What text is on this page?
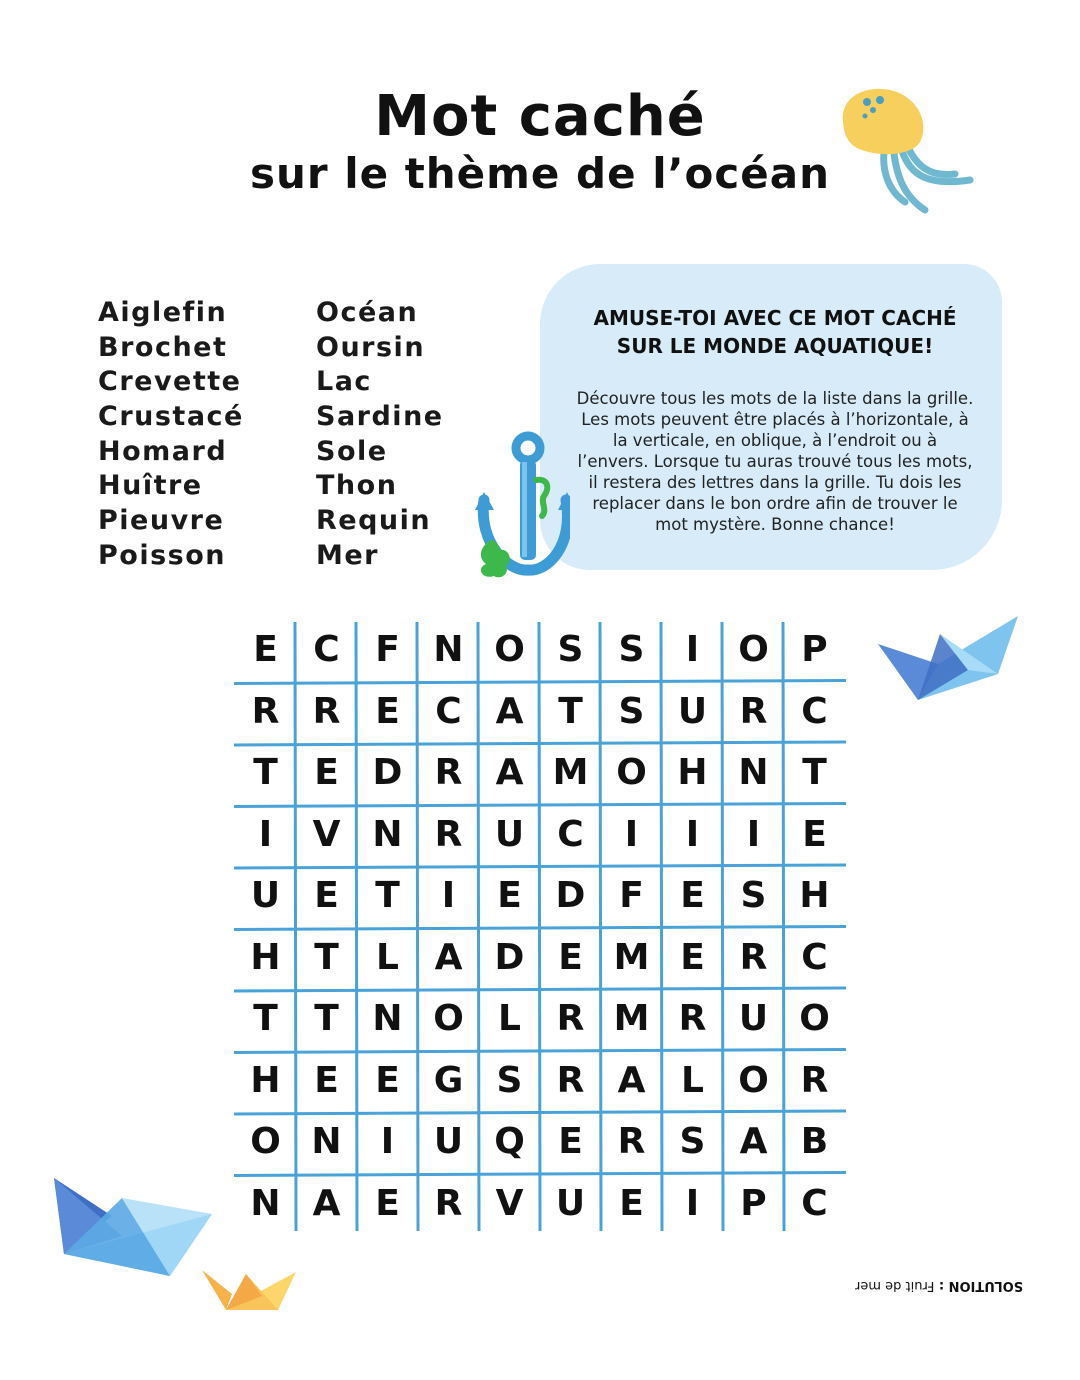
Mot caché
sur le thème de l’océan
Aiglefin
Brochet
Crevette
Crustacé
Homard
Huître
Pieuvre
Poisson
Océan
Oursin
Lac
Sardine
Sole
Thon
Requin
Mer
AMUSE-TOI AVEC CE MOT CACHÉ
SUR LE MONDE AQUATIQUE!
Découvre tous les mots de la liste dans la grille. Les mots peuvent être placés à l’horizontale, à la verticale, en oblique, à l’endroit ou à l’envers. Lorsque tu auras trouvé tous les mots, il restera des lettres dans la grille. Tu dois les replacer dans le bon ordre afin de trouver le mot mystère. Bonne chance!
E C F N O S S	I	O P
R R E C A T S U R C
T	E D R A M O H N T
I	V N R U C	I	I	I	E
U E	T	I	E D F	E S H
H T	L A D E M E R C
T	T N O L R M R U O
H E	E G S R A L O R
O N	I	U Q E R S A B
N A E R V U E	I	P C
SOLUTION : Fruit de mer
